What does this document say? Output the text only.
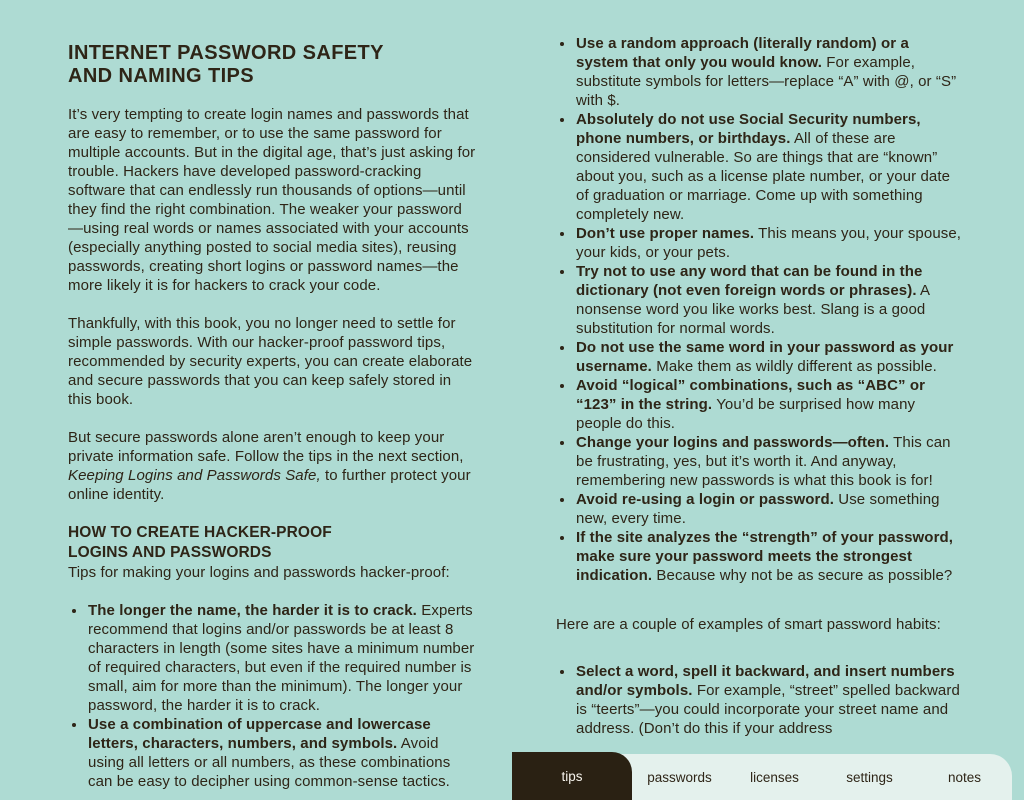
INTERNET PASSWORD SAFETY
AND NAMING TIPS

It’s very tempting to create login names and passwords that are easy to remember, or to use the same password for multiple accounts. But in the digital age, that’s just asking for trouble. Hackers have developed password-cracking software that can endlessly run thousands of options—until they find the right combination. The weaker your password—using real words or names associated with your accounts (especially anything posted to social media sites), reusing passwords, creating short logins or password names—the more likely it is for hackers to crack your code.

Thankfully, with this book, you no longer need to settle for simple passwords. With our hacker-proof password tips, recommended by security experts, you can create elaborate and secure passwords that you can keep safely stored in this book.

But secure passwords alone aren’t enough to keep your private information safe. Follow the tips in the next section, Keeping Logins and Passwords Safe, to further protect your online identity.

HOW TO CREATE HACKER-PROOF
LOGINS AND PASSWORDS

Tips for making your logins and passwords hacker-proof:

• The longer the name, the harder it is to crack. Experts recommend that logins and/or passwords be at least 8 characters in length (some sites have a minimum number of required characters, but even if the required number is small, aim for more than the minimum). The longer your password, the harder it is to crack.
• Use a combination of uppercase and lowercase letters, characters, numbers, and symbols. Avoid using all letters or all numbers, as these combinations can be easy to decipher using common-sense tactics.
• Use a random approach (literally random) or a system that only you would know. For example, substitute symbols for letters—replace “A” with @, or “S” with $.
• Absolutely do not use Social Security numbers, phone numbers, or birthdays. All of these are considered vulnerable. So are things that are “known” about you, such as a license plate number, or your date of graduation or marriage. Come up with something completely new.
• Don’t use proper names. This means you, your spouse, your kids, or your pets.
• Try not to use any word that can be found in the dictionary (not even foreign words or phrases). A nonsense word you like works best. Slang is a good substitution for normal words.
• Do not use the same word in your password as your username. Make them as wildly different as possible.
• Avoid “logical” combinations, such as “ABC” or “123” in the string. You’d be surprised how many people do this.
• Change your logins and passwords—often. This can be frustrating, yes, but it’s worth it. And anyway, remembering new passwords is what this book is for!
• Avoid re-using a login or password. Use something new, every time.
• If the site analyzes the “strength” of your password, make sure your password meets the strongest indication. Because why not be as secure as possible?

Here are a couple of examples of smart password habits:

• Select a word, spell it backward, and insert numbers and/or symbols. For example, “street” spelled backward is “teerts”—you could incorporate your street name and address. (Don’t do this if your address
tips	passwords	licenses	settings	notes
